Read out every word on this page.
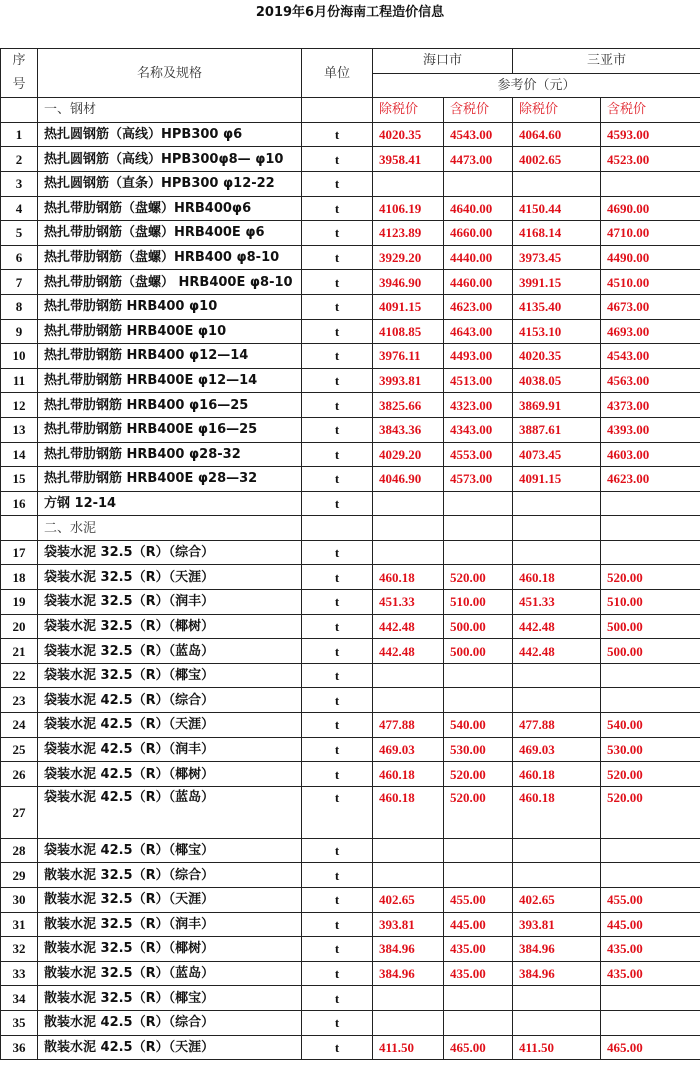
2019年6月份海南工程造价信息
序号	名称及规格	单位	海口市		三亚市	
			参考价（元）			
	一、钢材		除税价	含税价	除税价	含税价
1	热扎圆钢筋（高线）HPB300 φ6	t	4020.35	4543.00	4064.60	4593.00
2	热扎圆钢筋（高线）HPB300φ8— φ10	t	3958.41	4473.00	4002.65	4523.00
3	热扎圆钢筋（直条）HPB300 φ12-22	t				
4	热扎带肋钢筋（盘螺）HRB400φ6	t	4106.19	4640.00	4150.44	4690.00
5	热扎带肋钢筋（盘螺）HRB400E φ6	t	4123.89	4660.00	4168.14	4710.00
6	热扎带肋钢筋（盘螺）HRB400 φ8-10	t	3929.20	4440.00	3973.45	4490.00
7	热扎带肋钢筋（盘螺） HRB400E φ8-10	t	3946.90	4460.00	3991.15	4510.00
8	热扎带肋钢筋 HRB400 φ10	t	4091.15	4623.00	4135.40	4673.00
9	热扎带肋钢筋 HRB400E φ10	t	4108.85	4643.00	4153.10	4693.00
10	热扎带肋钢筋 HRB400 φ12—14	t	3976.11	4493.00	4020.35	4543.00
11	热扎带肋钢筋 HRB400E φ12—14	t	3993.81	4513.00	4038.05	4563.00
12	热扎带肋钢筋 HRB400 φ16—25	t	3825.66	4323.00	3869.91	4373.00
13	热扎带肋钢筋 HRB400E φ16—25	t	3843.36	4343.00	3887.61	4393.00
14	热扎带肋钢筋 HRB400 φ28-32	t	4029.20	4553.00	4073.45	4603.00
15	热扎带肋钢筋 HRB400E φ28—32	t	4046.90	4573.00	4091.15	4623.00
16	方钢 12-14	t				
	二、水泥					
17	袋装水泥 32.5（R）（综合）	t				
18	袋装水泥 32.5（R）（天涯）	t	460.18	520.00	460.18	520.00
19	袋装水泥 32.5（R）（润丰）	t	451.33	510.00	451.33	510.00
20	袋装水泥 32.5（R）（椰树）	t	442.48	500.00	442.48	500.00
21	袋装水泥 32.5（R）（蓝岛）	t	442.48	500.00	442.48	500.00
22	袋装水泥 32.5（R）（椰宝）	t				
23	袋装水泥 42.5（R）（综合）	t				
24	袋装水泥 42.5（R）（天涯）	t	477.88	540.00	477.88	540.00
25	袋装水泥 42.5（R）（润丰）	t	469.03	530.00	469.03	530.00
26	袋装水泥 42.5（R）（椰树）	t	460.18	520.00	460.18	520.00
27	袋装水泥 42.5（R）（蓝岛）	t	460.18	520.00	460.18	520.00
28	袋装水泥 42.5（R）（椰宝）	t				
29	散装水泥 32.5（R）（综合）	t				
30	散装水泥 32.5（R）（天涯）	t	402.65	455.00	402.65	455.00
31	散装水泥 32.5（R）（润丰）	t	393.81	445.00	393.81	445.00
32	散装水泥 32.5（R）（椰树）	t	384.96	435.00	384.96	435.00
33	散装水泥 32.5（R）（蓝岛）	t	384.96	435.00	384.96	435.00
34	散装水泥 32.5（R）（椰宝）	t				
35	散装水泥 42.5（R）（综合）	t				
36	散装水泥 42.5（R）（天涯）	t	411.50	465.00	411.50	465.00
